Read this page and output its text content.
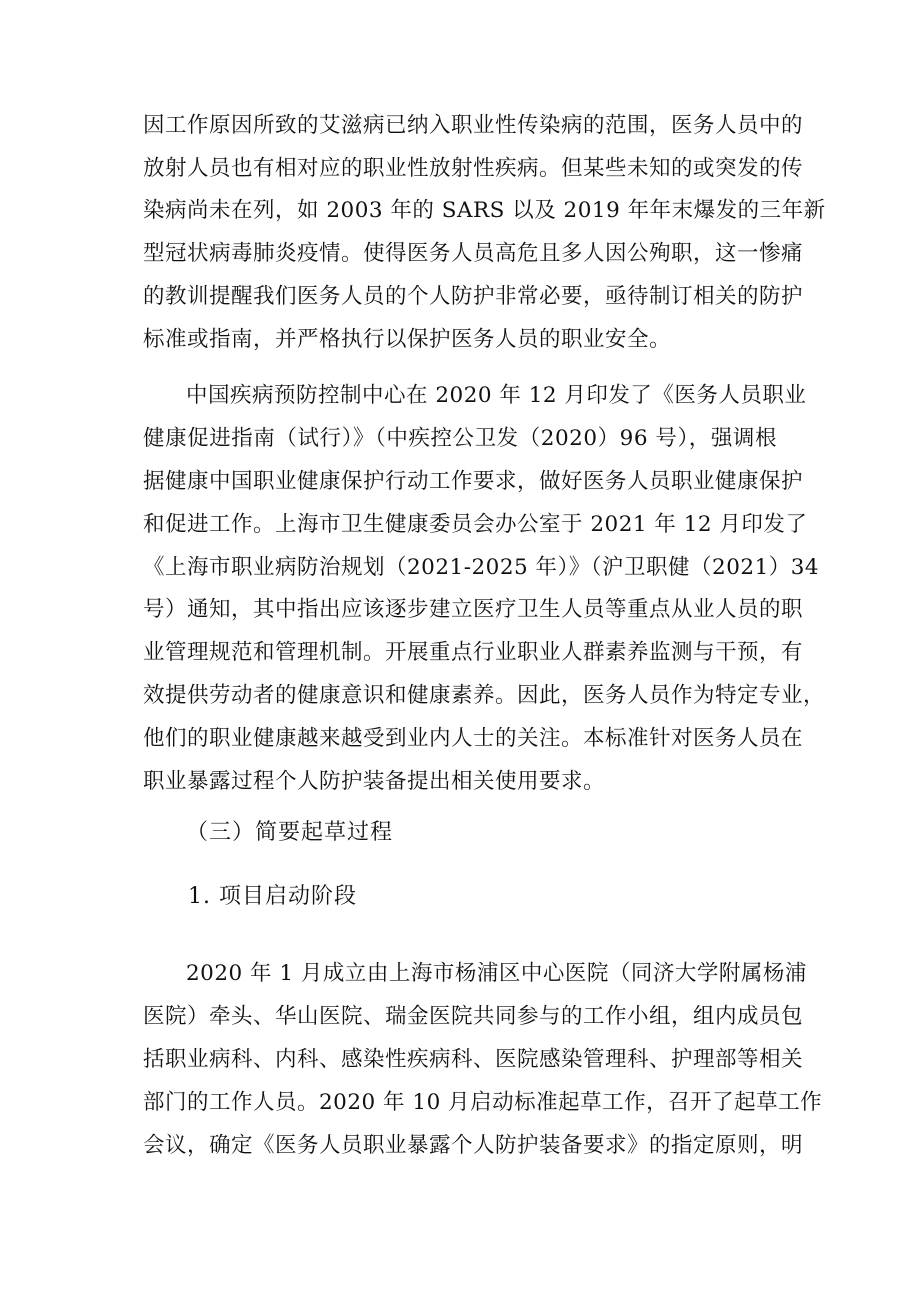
因工作原因所致的艾滋病已纳入职业性传染病的范围，医务人员中的
放射人员也有相对应的职业性放射性疾病。但某些未知的或突发的传
染病尚未在列，如 2003 年的 SARS 以及 2019 年年末爆发的三年新
型冠状病毒肺炎疫情。使得医务人员高危且多人因公殉职，这一惨痛
的教训提醒我们医务人员的个人防护非常必要，亟待制订相关的防护
标准或指南，并严格执行以保护医务人员的职业安全。
中国疾病预防控制中心在 2020 年 12 月印发了《医务人员职业
健康促进指南（试行）》（中疾控公卫发（2020）96 号），强调根
据健康中国职业健康保护行动工作要求，做好医务人员职业健康保护
和促进工作。上海市卫生健康委员会办公室于 2021 年 12 月印发了
《上海市职业病防治规划（2021-2025 年）》（沪卫职健（2021）34
号）通知，其中指出应该逐步建立医疗卫生人员等重点从业人员的职
业管理规范和管理机制。开展重点行业职业人群素养监测与干预，有
效提供劳动者的健康意识和健康素养。因此，医务人员作为特定专业，
他们的职业健康越来越受到业内人士的关注。本标准针对医务人员在
职业暴露过程个人防护装备提出相关使用要求。
（三）简要起草过程
1. 项目启动阶段
2020 年 1 月成立由上海市杨浦区中心医院（同济大学附属杨浦
医院）牵头、华山医院、瑞金医院共同参与的工作小组，组内成员包
括职业病科、内科、感染性疾病科、医院感染管理科、护理部等相关
部门的工作人员。2020 年 10 月启动标准起草工作，召开了起草工作
会议，确定《医务人员职业暴露个人防护装备要求》的指定原则，明
